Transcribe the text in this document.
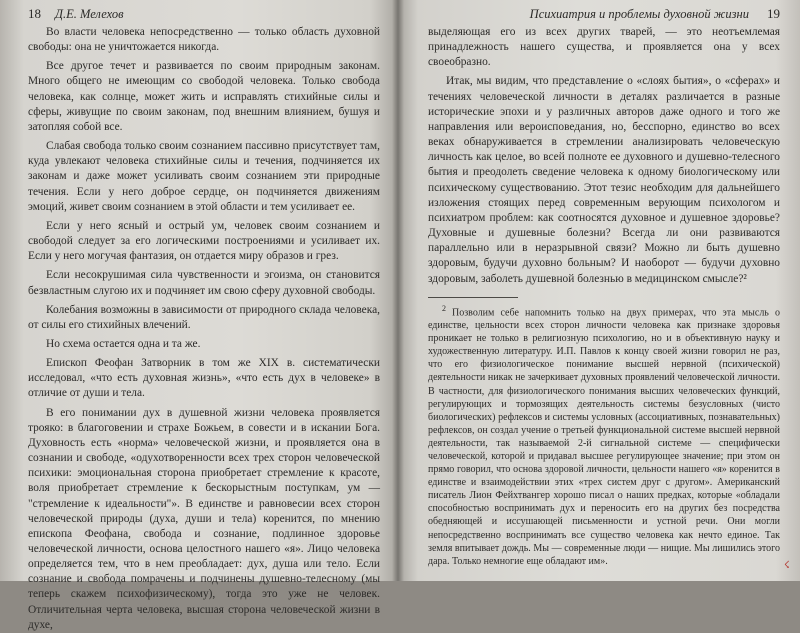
18 Д.Е. Мелехов

Во власти человека непосредственно — только область духовной свободы: она не уничтожается никогда.

Все другое течет и развивается по своим природным законам. Много общего не имеющим со свободой человека. Только свобода человека, как солнце, может жить и исправлять стихийные силы и сферы, живущие по своим законам, под внешним влиянием, бушуя и затопляя собой все.

Слабая свобода только своим сознанием пассивно присутствует там, куда увлекают человека стихийные силы и течения, подчиняется их законам и даже может усиливать своим сознанием эти природные течения. Если у него доброе сердце, он подчиняется движениям эмоций, живет своим сознанием в этой области и тем усиливает ее.

Если у него ясный и острый ум, человек своим сознанием и свободой следует за его логическими построениями и усиливает их. Если у него могучая фантазия, он отдается миру образов и грез.

Если несокрушимая сила чувственности и эгоизма, он становится безвластным слугою их и подчиняет им свою сферу духовной свободы.

Колебания возможны в зависимости от природного склада человека, от силы его стихийных влечений.

Но схема остается одна и та же.

Епископ Феофан Затворник в том же XIX в. систематически исследовал, «что есть духовная жизнь», «что есть дух в человеке» в отличие от души и тела.

В его понимании дух в душевной жизни человека проявляется трояко: в благоговении и страхе Божьем, в совести и в искании Бога. Духовность есть «норма» человеческой жизни, и проявляется она в сознании и свободе, «одухотворенности всех трех сторон человеческой психики: эмоциональная сторона приобретает стремление к красоте, воля приобретает стремление к бескорыстным поступкам, ум — "стремление к идеальности"». В единстве и равновесии всех сторон человеческой природы (духа, души и тела) коренится, по мнению епископа Феофана, свобода и сознание, подлинное здоровье человеческой личности, основа целостного нашего «я». Лицо человека определяется тем, что в нем преобладает: дух, душа или тело. Если сознание и свобода помрачены и подчинены душевно-телесному (мы теперь скажем психофизическому), тогда это уже не человек. Отличительная черта человека, высшая сторона человеческой жизни в духе,

Психиатрия и проблемы духовной жизни 19

выделяющая его из всех других тварей, — это неотъемлемая принадлежность нашего существа, и проявляется она у всех своеобразно.

Итак, мы видим, что представление о «слоях бытия», о «сферах» и течениях человеческой личности в деталях различается в разные исторические эпохи и у различных авторов даже одного и того же направления или вероисповедания, но, бесспорно, единство во всех веках обнаруживается в стремлении анализировать человеческую личность как целое, во всей полноте ее духовного и душевно-телесного бытия и преодолеть сведение человека к одному биологическому или психическому существованию. Этот тезис необходим для дальнейшего изложения стоящих перед современным верующим психологом и психиатром проблем: как соотносятся духовное и душевное здоровье? Духовные и душевные болезни? Всегда ли они развиваются параллельно или в неразрывной связи? Можно ли быть душевно здоровым, будучи духовно больным? И наоборот — будучи духовно здоровым, заболеть душевной болезнью в медицинском смысле?²

$^2$ Позволим себе напомнить только на двух примерах, что эта мысль о единстве, цельности всех сторон личности человека как признаке здоровья проникает не только в религиозную психологию, но и в объективную науку и художественную литературу. И.П. Павлов к концу своей жизни говорил не раз, что его физиологическое понимание высшей нервной (психической) деятельности никак не зачеркивает духовных проявлений человеческой личности. В частности, для физиологического понимания высших человеческих функций, регулирующих и тормозящих деятельность системы безусловных (чисто биологических) рефлексов и системы условных (ассоциативных, познавательных) рефлексов, он создал учение о третьей функциональной системе высшей нервной деятельности, так называемой 2-й сигнальной системе — специфически человеческой, которой и придавал высшее регулирующее значение; при этом он прямо говорил, что основа здоровой личности, цельности нашего «я» коренится в единстве и взаимодействии этих «трех систем друг с другом». Американский писатель Лион Фейхтвангер хорошо писал о наших предках, которые «обладали способностью воспринимать дух и переносить его на других без посредства обедняющей и иссушающей письменности и устной речи. Они могли непосредственно воспринимать все существо человека как нечто единое. Так земля впитывает дождь. Мы — современные люди — нищие. Мы лишились этого дара. Только немногие еще обладают им».	☇
